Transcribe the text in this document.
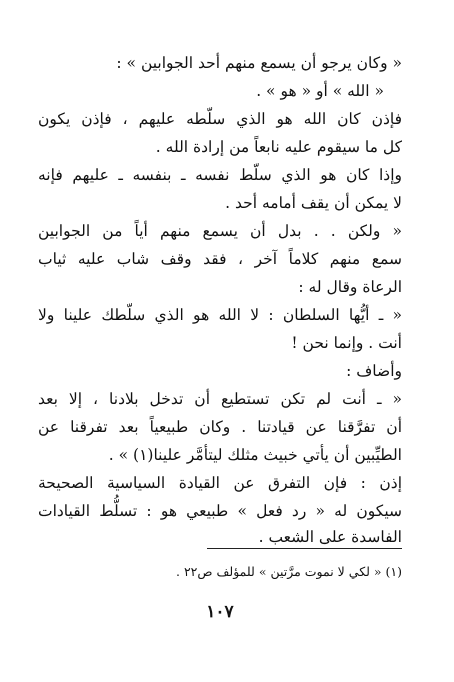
« وكان يرجو أن يسمع منهم أحد الجوابين » :
« الله » أو « هو » .
فإذن كان الله هو الذي سلّطه عليهم ، فإذن يكون
كل ما سيقوم عليه نابعاً من إرادة الله .
وإذا كان هو الذي سلّط نفسه ـ بنفسه ـ عليهم فإنه
لا يمكن أن يقف أمامه أحد .
« ولكن . . بدل أن يسمع منهم أياً من الجوابين
سمع منهم كلاماً آخر ، فقد وقف شاب عليه ثياب
الرعاة وقال له :
« ـ أيُّها السلطان : لا الله هو الذي سلّطك علينا ولا
أنت . وإنما نحن !
وأضاف :
« ـ أنت لم تكن تستطيع أن تدخل بلادنا ، إلا بعد
أن تفرَّقنا عن قيادتنا . وكان طبيعياً بعد تفرقنا عن
الطيِّبين أن يأتي خبيث مثلك ليتأمَّر علينا(١) » .
إذن : فإن التفرق عن القيادة السياسية الصحيحة
سيكون له « رد فعل » طبيعي هو : تسلُّط القيادات
الفاسدة على الشعب .
(١) « لكي لا نموت مرَّتين » للمؤلف ص٢٢ .
١٠٧
